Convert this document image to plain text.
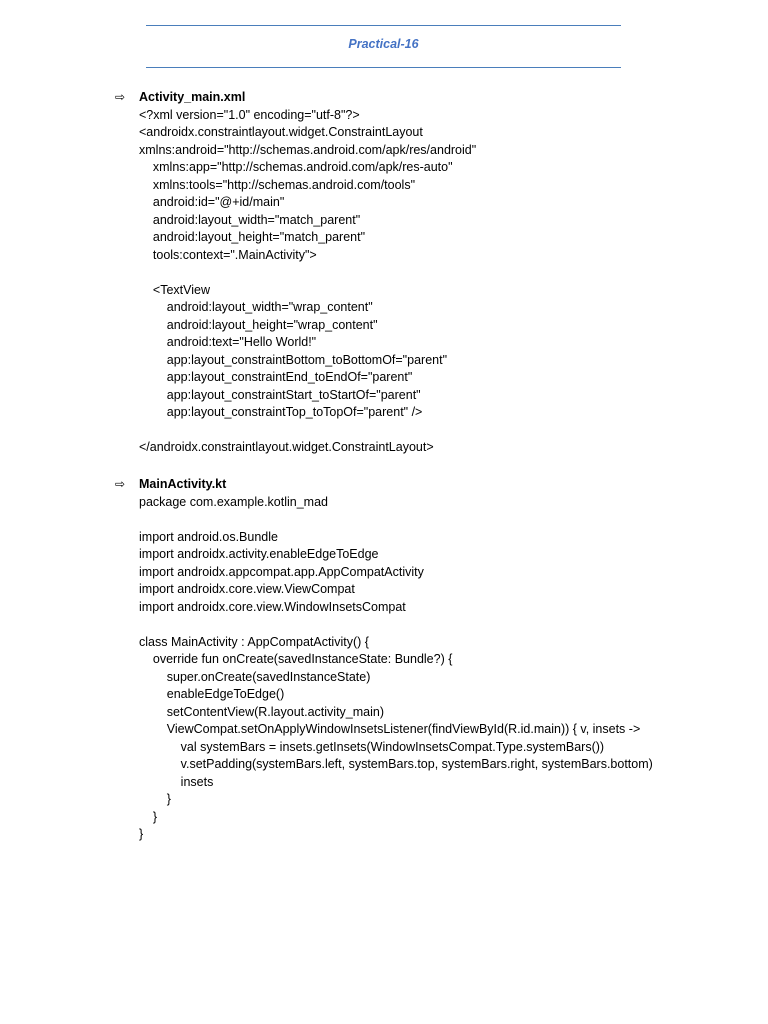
Practical-16
⇨	Activity_main.xml
<?xml version="1.0" encoding="utf-8"?>
<androidx.constraintlayout.widget.ConstraintLayout
xmlns:android="http://schemas.android.com/apk/res/android"
xmlns:app="http://schemas.android.com/apk/res-auto"
xmlns:tools="http://schemas.android.com/tools"
android:id="@+id/main"
android:layout_width="match_parent"
android:layout_height="match_parent"
tools:context=".MainActivity">
<TextView
android:layout_width="wrap_content"
android:layout_height="wrap_content"
android:text="Hello World!"
app:layout_constraintBottom_toBottomOf="parent"
app:layout_constraintEnd_toEndOf="parent"
app:layout_constraintStart_toStartOf="parent"
app:layout_constraintTop_toTopOf="parent" />
</androidx.constraintlayout.widget.ConstraintLayout>
⇨	MainActivity.kt
package com.example.kotlin_mad
import android.os.Bundle
import androidx.activity.enableEdgeToEdge
import androidx.appcompat.app.AppCompatActivity
import androidx.core.view.ViewCompat
import androidx.core.view.WindowInsetsCompat
class MainActivity : AppCompatActivity() {
override fun onCreate(savedInstanceState: Bundle?) {
super.onCreate(savedInstanceState)
enableEdgeToEdge()
setContentView(R.layout.activity_main)
ViewCompat.setOnApplyWindowInsetsListener(findViewById(R.id.main)) { v, insets ->
val systemBars = insets.getInsets(WindowInsetsCompat.Type.systemBars())
v.setPadding(systemBars.left, systemBars.top, systemBars.right, systemBars.bottom)
insets
}
}
}
